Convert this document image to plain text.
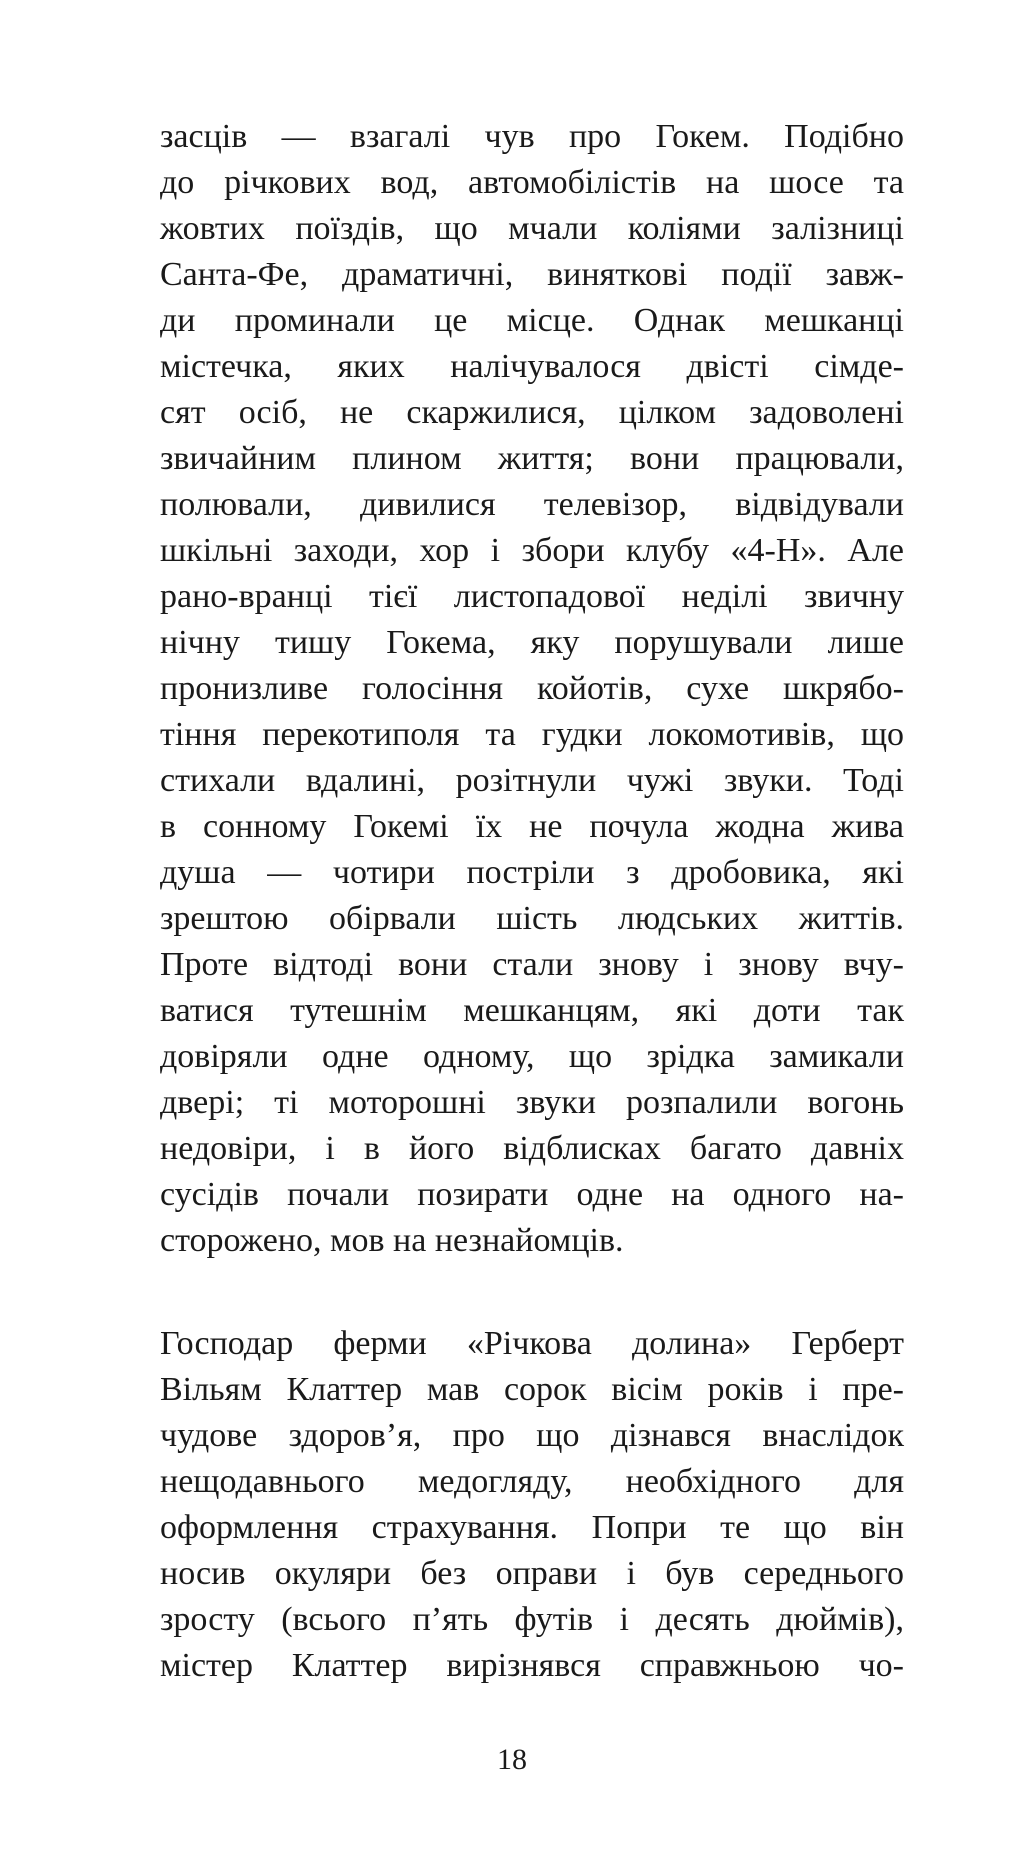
засців — взагалі чув про Гокем. Подібно
до річкових вод, автомобілістів на шосе та
жовтих поїздів, що мчали коліями залізниці
Санта-Фе, драматичні, виняткові події завж-
ди проминали це місце. Однак мешканці
містечка, яких налічувалося двісті сімде-
сят осіб, не скаржилися, цілком задоволені
звичайним плином життя; вони працювали,
полювали, дивилися телевізор, відвідували
шкільні заходи, хор і збори клубу «4-Н». Але
рано-вранці тієї листопадової неділі звичну
нічну тишу Гокема, яку порушували лише
пронизливе голосіння койотів, сухе шкрябо-
тіння перекотиполя та гудки локомотивів, що
стихали вдалині, розітнули чужі звуки. Тоді
в сонному Гокемі їх не почула жодна жива
душа — чотири постріли з дробовика, які
зрештою обірвали шість людських життів.
Проте відтоді вони стали знову і знову вчу-
ватися тутешнім мешканцям, які доти так
довіряли одне одному, що зрідка замикали
двері; ті моторошні звуки розпалили вогонь
недовіри, і в його відблисках багато давніх
сусідів почали позирати одне на одного на-
сторожено, мов на незнайомців.
Господар ферми «Річкова долина» Герберт
Вільям Клаттер мав сорок вісім років і пре-
чудове здоров’я, про що дізнався внаслідок
нещодавнього медогляду, необхідного для
оформлення страхування. Попри те що він
носив окуляри без оправи і був середнього
зросту (всього п’ять футів і десять дюймів),
містер Клаттер вирізнявся справжньою чо-
18
